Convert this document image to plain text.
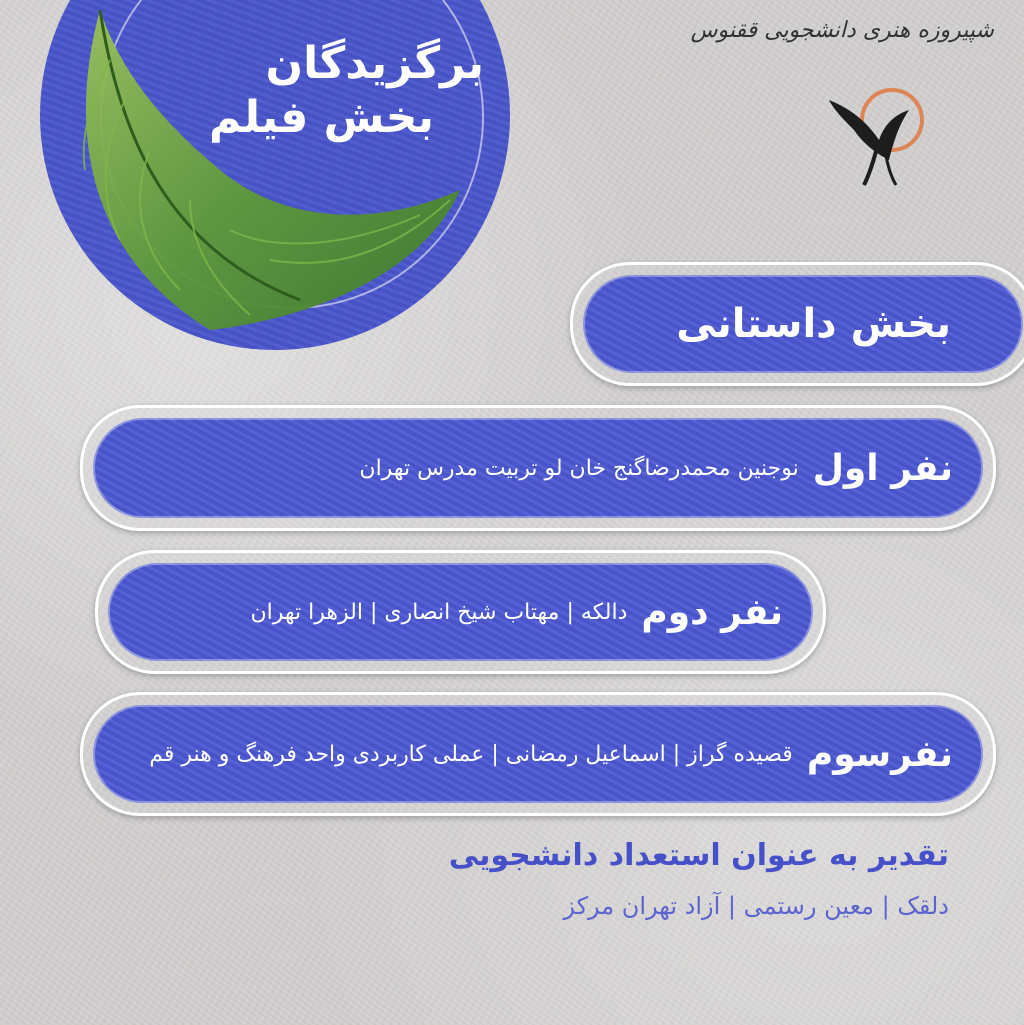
برگزیدگان
بخش فیلم
شپیروزه هنری دانشجویی ققنوس
بخش داستانی
نفر اول
نوجنین محمدرضاگنج خان لو تربیت مدرس تهران
نفر دوم
دالکه | مهتاب شیخ انصاری | الزهرا تهران
نفرسوم
قصیده گراز | اسماعیل رمضانی | عملی کاربردی واحد فرهنگ و هنر قم
تقدیر به عنوان استعداد دانشجویی
دلقک | معین رستمی | آزاد تهران مرکز
